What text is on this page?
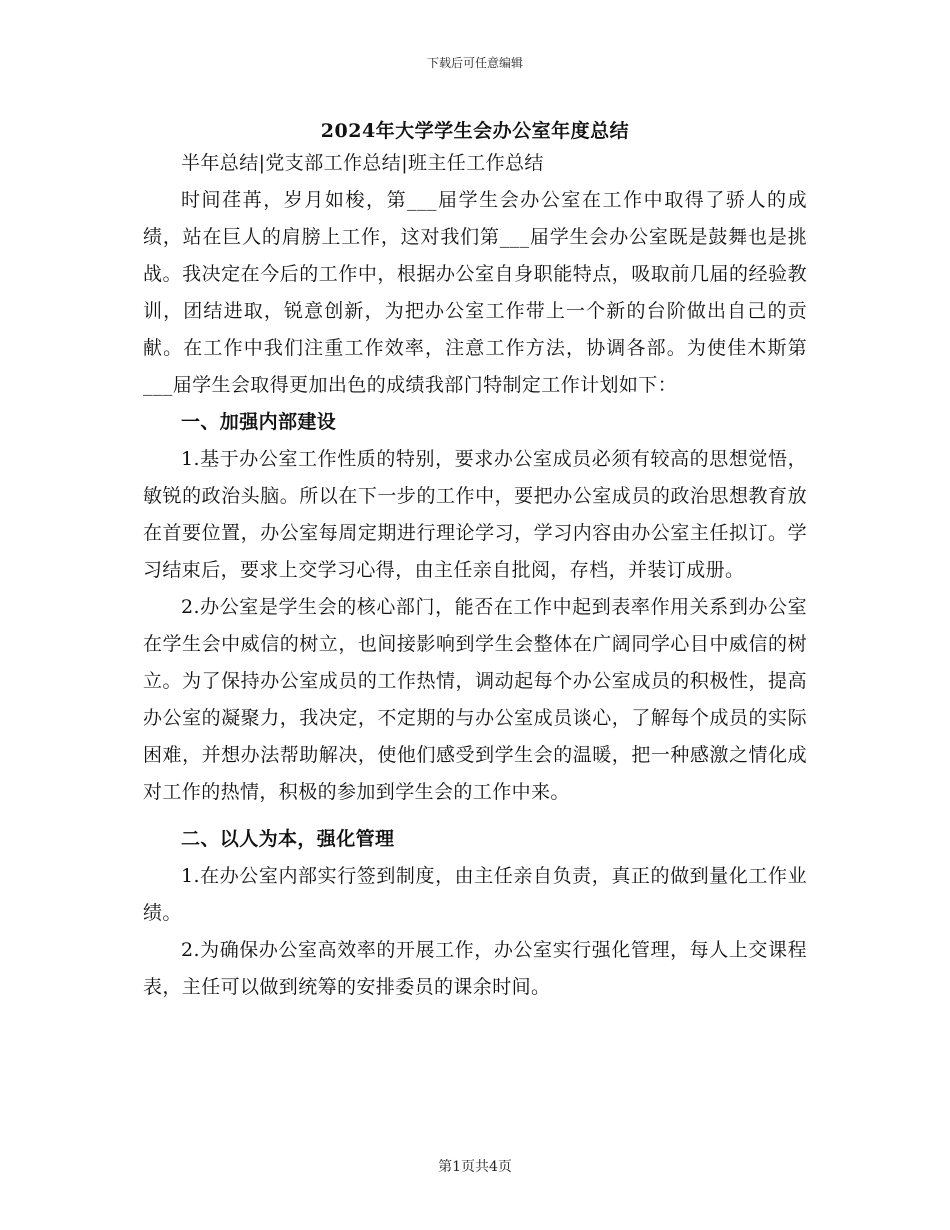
下载后可任意编辑
2024年大学学生会办公室年度总结

半年总结|党支部工作总结|班主任工作总结

时间荏苒，岁月如梭，第___届学生会办公室在工作中取得了骄人的成绩，站在巨人的肩膀上工作，这对我们第___届学生会办公室既是鼓舞也是挑战。我决定在今后的工作中，根据办公室自身职能特点，吸取前几届的经验教训，团结进取，锐意创新，为把办公室工作带上一个新的台阶做出自己的贡献。在工作中我们注重工作效率，注意工作方法，协调各部。为使佳木斯第___届学生会取得更加出色的成绩我部门特制定工作计划如下：

一、加强内部建设

1.基于办公室工作性质的特别，要求办公室成员必须有较高的思想觉悟，敏锐的政治头脑。所以在下一步的工作中，要把办公室成员的政治思想教育放在首要位置，办公室每周定期进行理论学习，学习内容由办公室主任拟订。学习结束后，要求上交学习心得，由主任亲自批阅，存档，并装订成册。

2.办公室是学生会的核心部门，能否在工作中起到表率作用关系到办公室在学生会中威信的树立，也间接影响到学生会整体在广阔同学心目中威信的树立。为了保持办公室成员的工作热情，调动起每个办公室成员的积极性，提高办公室的凝聚力，我决定，不定期的与办公室成员谈心，了解每个成员的实际困难，并想办法帮助解决，使他们感受到学生会的温暖，把一种感激之情化成对工作的热情，积极的参加到学生会的工作中来。

二、以人为本，强化管理

1.在办公室内部实行签到制度，由主任亲自负责，真正的做到量化工作业绩。

2.为确保办公室高效率的开展工作，办公室实行强化管理，每人上交课程表，主任可以做到统筹的安排委员的课余时间。

第1页共4页
